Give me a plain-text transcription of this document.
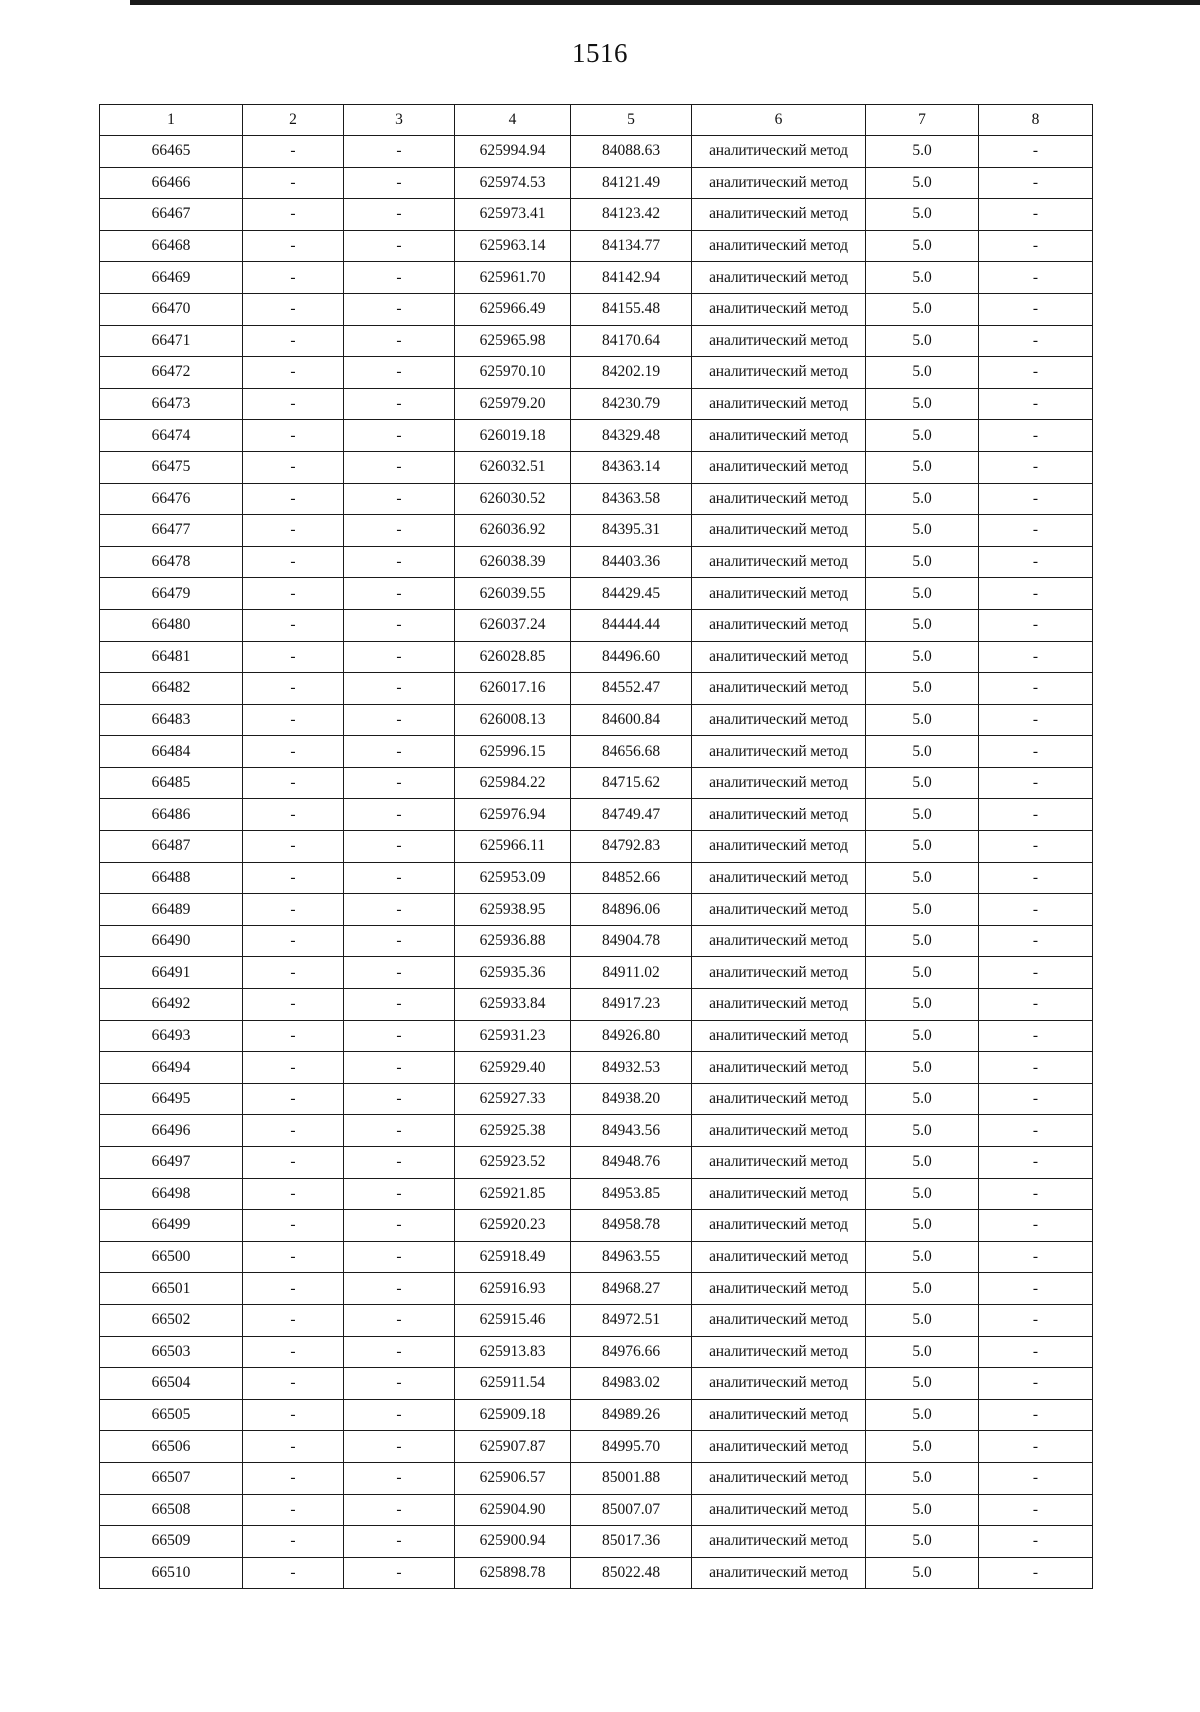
1516
1	2	3	4	5	6	7	8
66465	-	-	625994.94	84088.63	аналитический метод	5.0	-
66466	-	-	625974.53	84121.49	аналитический метод	5.0	-
66467	-	-	625973.41	84123.42	аналитический метод	5.0	-
66468	-	-	625963.14	84134.77	аналитический метод	5.0	-
66469	-	-	625961.70	84142.94	аналитический метод	5.0	-
66470	-	-	625966.49	84155.48	аналитический метод	5.0	-
66471	-	-	625965.98	84170.64	аналитический метод	5.0	-
66472	-	-	625970.10	84202.19	аналитический метод	5.0	-
66473	-	-	625979.20	84230.79	аналитический метод	5.0	-
66474	-	-	626019.18	84329.48	аналитический метод	5.0	-
66475	-	-	626032.51	84363.14	аналитический метод	5.0	-
66476	-	-	626030.52	84363.58	аналитический метод	5.0	-
66477	-	-	626036.92	84395.31	аналитический метод	5.0	-
66478	-	-	626038.39	84403.36	аналитический метод	5.0	-
66479	-	-	626039.55	84429.45	аналитический метод	5.0	-
66480	-	-	626037.24	84444.44	аналитический метод	5.0	-
66481	-	-	626028.85	84496.60	аналитический метод	5.0	-
66482	-	-	626017.16	84552.47	аналитический метод	5.0	-
66483	-	-	626008.13	84600.84	аналитический метод	5.0	-
66484	-	-	625996.15	84656.68	аналитический метод	5.0	-
66485	-	-	625984.22	84715.62	аналитический метод	5.0	-
66486	-	-	625976.94	84749.47	аналитический метод	5.0	-
66487	-	-	625966.11	84792.83	аналитический метод	5.0	-
66488	-	-	625953.09	84852.66	аналитический метод	5.0	-
66489	-	-	625938.95	84896.06	аналитический метод	5.0	-
66490	-	-	625936.88	84904.78	аналитический метод	5.0	-
66491	-	-	625935.36	84911.02	аналитический метод	5.0	-
66492	-	-	625933.84	84917.23	аналитический метод	5.0	-
66493	-	-	625931.23	84926.80	аналитический метод	5.0	-
66494	-	-	625929.40	84932.53	аналитический метод	5.0	-
66495	-	-	625927.33	84938.20	аналитический метод	5.0	-
66496	-	-	625925.38	84943.56	аналитический метод	5.0	-
66497	-	-	625923.52	84948.76	аналитический метод	5.0	-
66498	-	-	625921.85	84953.85	аналитический метод	5.0	-
66499	-	-	625920.23	84958.78	аналитический метод	5.0	-
66500	-	-	625918.49	84963.55	аналитический метод	5.0	-
66501	-	-	625916.93	84968.27	аналитический метод	5.0	-
66502	-	-	625915.46	84972.51	аналитический метод	5.0	-
66503	-	-	625913.83	84976.66	аналитический метод	5.0	-
66504	-	-	625911.54	84983.02	аналитический метод	5.0	-
66505	-	-	625909.18	84989.26	аналитический метод	5.0	-
66506	-	-	625907.87	84995.70	аналитический метод	5.0	-
66507	-	-	625906.57	85001.88	аналитический метод	5.0	-
66508	-	-	625904.90	85007.07	аналитический метод	5.0	-
66509	-	-	625900.94	85017.36	аналитический метод	5.0	-
66510	-	-	625898.78	85022.48	аналитический метод	5.0	-
